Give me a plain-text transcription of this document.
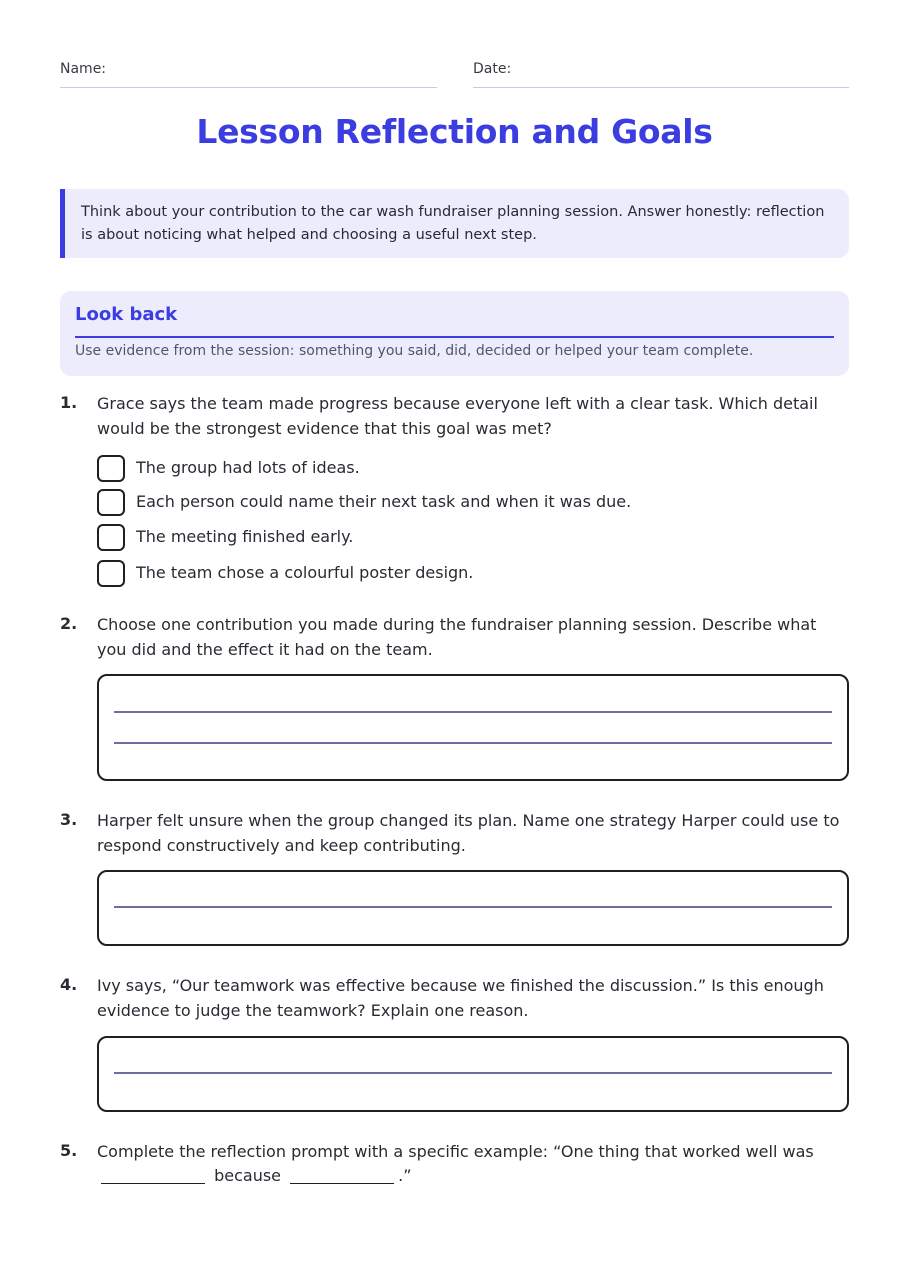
Name:	Date:
Lesson Reflection and Goals

Think about your contribution to the car wash fundraiser planning session. Answer honestly: reflection is about noticing what helped and choosing a useful next step.

Look back
Use evidence from the session: something you said, did, decided or helped your team complete.
1. Grace says the team made progress because everyone left with a clear task. Which detail would be the strongest evidence that this goal was met?
The group had lots of ideas.
Each person could name their next task and when it was due.
The meeting finished early.
The team chose a colourful poster design.
2. Choose one contribution you made during the fundraiser planning session. Describe what you did and the effect it had on the team.
3. Harper felt unsure when the group changed its plan. Name one strategy Harper could use to respond constructively and keep contributing.
4. Ivy says, “Our teamwork was effective because we finished the discussion.” Is this enough evidence to judge the teamwork? Explain one reason.
5. Complete the reflection prompt with a specific example: “One thing that worked well was
because	.”
